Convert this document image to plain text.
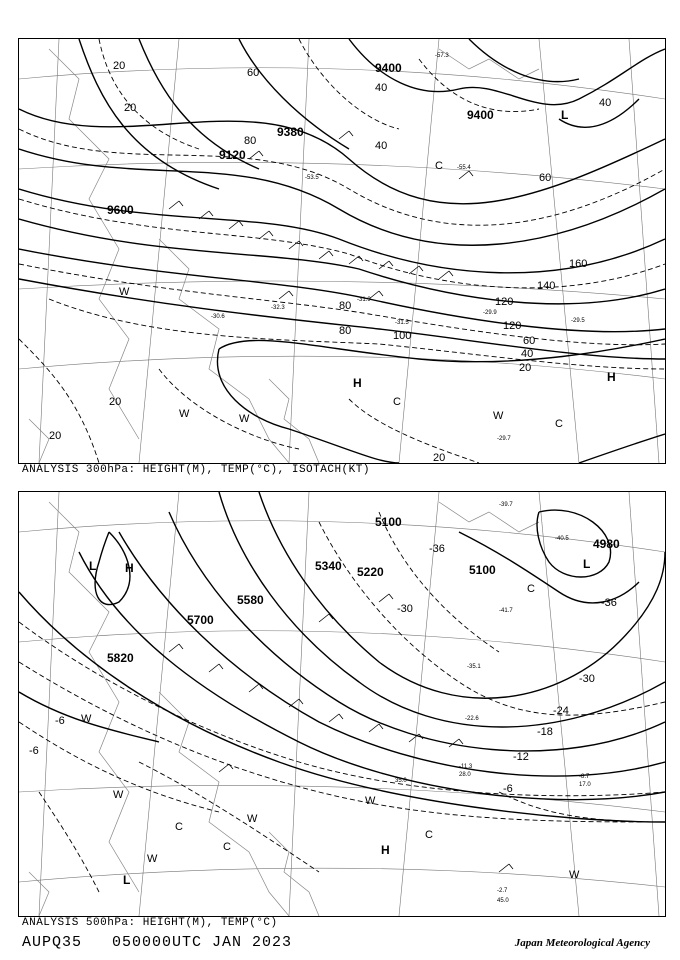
9400
9400
9380
9120
9600
20
20
60
40
40
40
60
80
80
100
120
140
160
120
80
60
40
20
20
20
20
-57.3
-53.5
-55.4
-31.9
-31.5
-29.9
-29.5
-29.7
-30.6
-32.3
H	H
L
C
C
W
W	W
W
C
ANALYSIS 300hPa: HEIGHT(M), TEMP(°C), ISOTACH(KT)
5100
5340 5220	5100
4980
5580
5700
5820
-36
-30
-24
-18
-12
-6
-6
-6
-36
-30
-39.7
-40.5
-41.7
-35.1
-22.6
-11.3
-8.7
-2.7
45.0
35.0
28.0
17.0
H
L	L
L
H
C
C
C
C
W
W
W
W
W
W
ANALYSIS 500hPa: HEIGHT(M), TEMP(°C)
AUPQ35 050000UTC JAN 2023	Japan Meteorological Agency
